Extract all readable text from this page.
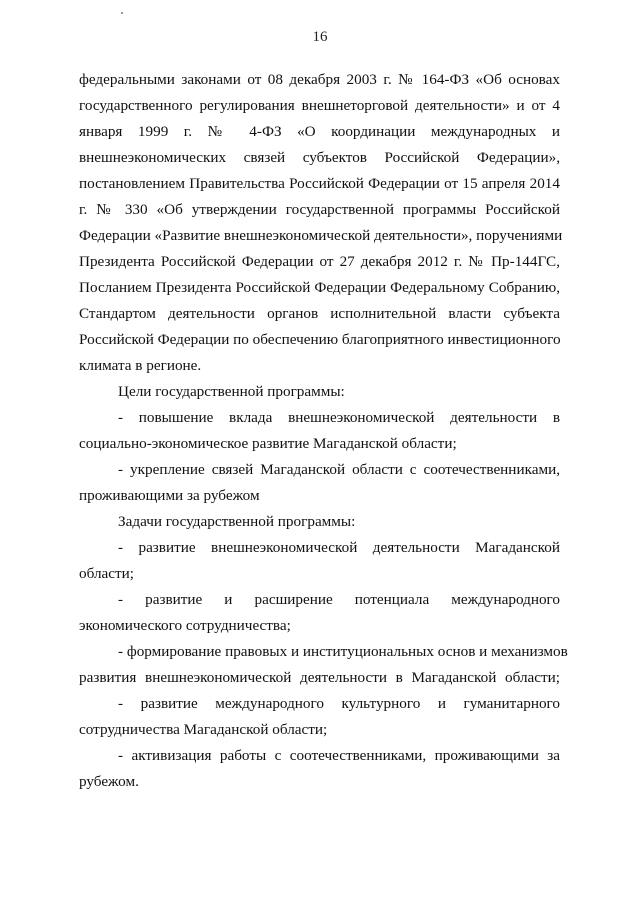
16
федеральными законами от 08 декабря 2003 г. № 164-ФЗ «Об основах
государственного регулирования внешнеторговой деятельности» и от 4
января 1999 г. № 4-ФЗ «О координации международных и
внешнеэкономических связей субъектов Российской Федерации»,
постановлением Правительства Российской Федерации от 15 апреля 2014
г. № 330 «Об утверждении государственной программы Российской
Федерации «Развитие внешнеэкономической деятельности», поручениями
Президента Российской Федерации от 27 декабря 2012 г. № Пр-144ГС,
Посланием Президента Российской Федерации Федеральному Собранию,
Стандартом деятельности органов исполнительной власти субъекта
Российской Федерации по обеспечению благоприятного инвестиционного
климата в регионе.
Цели государственной программы:
- повышение вклада внешнеэкономической деятельности в
социально-экономическое развитие Магаданской области;
- укрепление связей Магаданской области с соотечественниками,
проживающими за рубежом
Задачи государственной программы:
- развитие внешнеэкономической деятельности Магаданской
области;
- развитие и расширение потенциала международного
экономического сотрудничества;
- формирование правовых и институциональных основ и механизмов
развития внешнеэкономической деятельности в Магаданской области;
- развитие международного культурного и гуманитарного
сотрудничества Магаданской области;
- активизация работы с соотечественниками, проживающими за
рубежом.
